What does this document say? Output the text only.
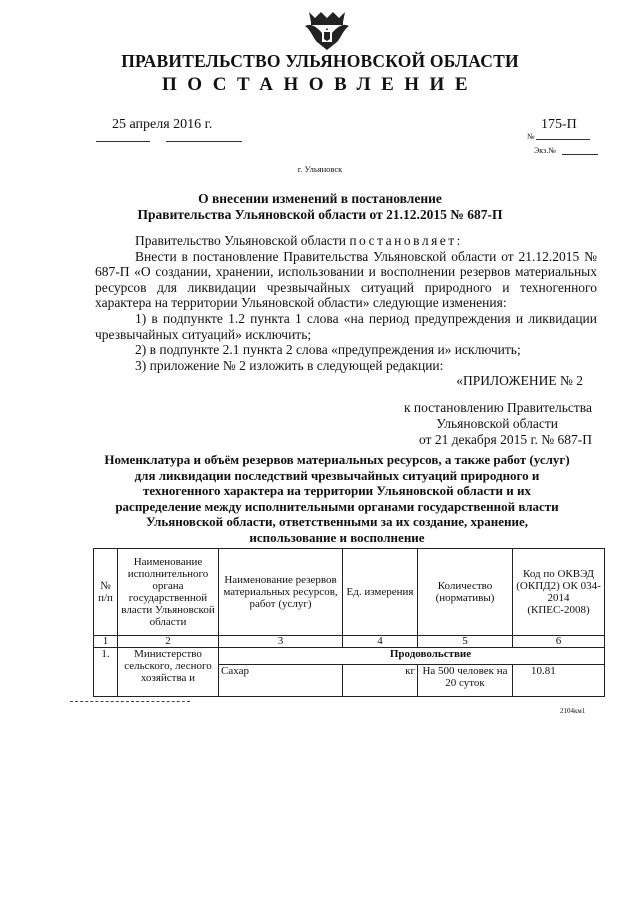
ПРАВИТЕЛЬСТВО УЛЬЯНОВСКОЙ ОБЛАСТИ
ПОСТАНОВЛЕНИЕ
25 апреля 2016 г.	175-П
№
Экз.№
г. Ульяновск
О внесении изменений в постановление
Правительства Ульяновской области от 21.12.2015 № 687-П

Правительство Ульяновской области постановляет:

Внести в постановление Правительства Ульяновской области от 21.12.2015 № 687-П «О создании, хранении, использовании и восполнении резервов материальных ресурсов для ликвидации чрезвычайных ситуаций природного и техногенного характера на территории Ульяновской области» следующие изменения:

1) в подпункте 1.2 пункта 1 слова «на период предупреждения и ликвидации чрезвычайных ситуаций» исключить;

2) в подпункте 2.1 пункта 2 слова «предупреждения и» исключить;

3) приложение № 2 изложить в следующей редакции:

«ПРИЛОЖЕНИЕ № 2

к постановлению Правительства
Ульяновской области
от 21 декабря 2015 г. № 687-П
Номенклатура и объём резервов материальных ресурсов, а также работ (услуг) для ликвидации последствий чрезвычайных ситуаций природного и техногенного характера на территории Ульяновской области и их распределение между исполнительными органами государственной власти Ульяновской области, ответственными за их создание, хранение, использование и восполнение
№ п/п	Наименование исполнительного органа государственной власти Ульяновской области	Наименование резервов материальных ресурсов, работ (услуг)	Ед. измерения	Количество (нормативы)	Код по ОКВЭД (ОКПД2) ОК 034-2014 (КПЕС-2008)
1	2	3	4	5	6
1.	Министерство сельского, лесного хозяйства и	Продовольствие			
		Сахар	кг	На 500 человек на 20 суток	10.81
2104км1
